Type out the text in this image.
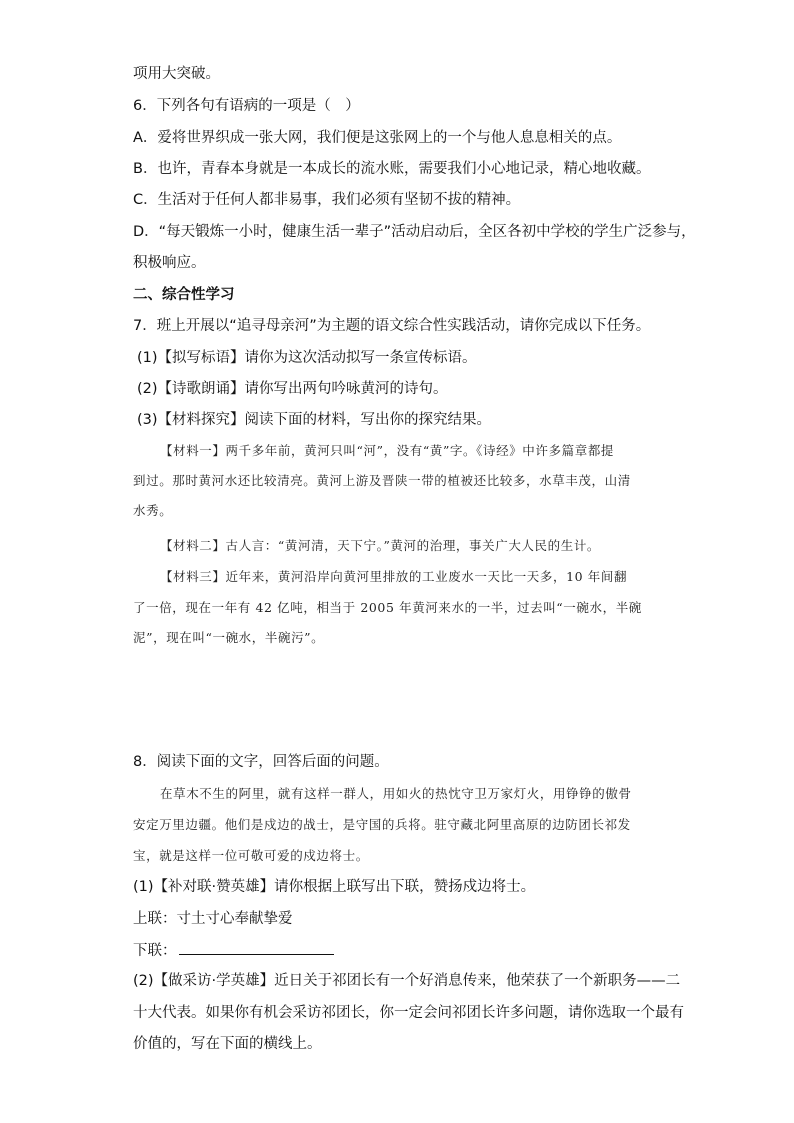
项用大突破。
6．下列各句有语病的一项是（　）
A．爱将世界织成一张大网，我们便是这张网上的一个与他人息息相关的点。
B．也许，青春本身就是一本成长的流水账，需要我们小心地记录，精心地收藏。
C．生活对于任何人都非易事，我们必须有坚韧不拔的精神。
D．“每天锻炼一小时，健康生活一辈子”活动启动后，全区各初中学校的学生广泛参与，
积极响应。
二、综合性学习
7．班上开展以“追寻母亲河”为主题的语文综合性实践活动，请你完成以下任务。
(1)【拟写标语】请你为这次活动拟写一条宣传标语。
(2)【诗歌朗诵】请你写出两句吟咏黄河的诗句。
(3)【材料探究】阅读下面的材料，写出你的探究结果。
【材料一】两千多年前，黄河只叫“河”，没有“黄”字。《诗经》中许多篇章都提
到过。那时黄河水还比较清亮。黄河上游及晋陕一带的植被还比较多，水草丰茂，山清
水秀。
【材料二】古人言：“黄河清，天下宁。”黄河的治理，事关广大人民的生计。
【材料三】近年来，黄河沿岸向黄河里排放的工业废水一天比一天多，10 年间翻
了一倍，现在一年有 42 亿吨，相当于 2005 年黄河来水的一半，过去叫“一碗水，半碗
泥”，现在叫“一碗水，半碗污”。
8．阅读下面的文字，回答后面的问题。
在草木不生的阿里，就有这样一群人，用如火的热忱守卫万家灯火，用铮铮的傲骨
安定万里边疆。他们是戍边的战士，是守国的兵将。驻守藏北阿里高原的边防团长祁发
宝，就是这样一位可敬可爱的戍边将士。
(1)【补对联·赞英雄】请你根据上联写出下联，赞扬戍边将士。
上联：寸土寸心奉献挚爱
下联：
(2)【做采访·学英雄】近日关于祁团长有一个好消息传来，他荣获了一个新职务——二
十大代表。如果你有机会采访祁团长，你一定会问祁团长许多问题，请你选取一个最有
价值的，写在下面的横线上。
